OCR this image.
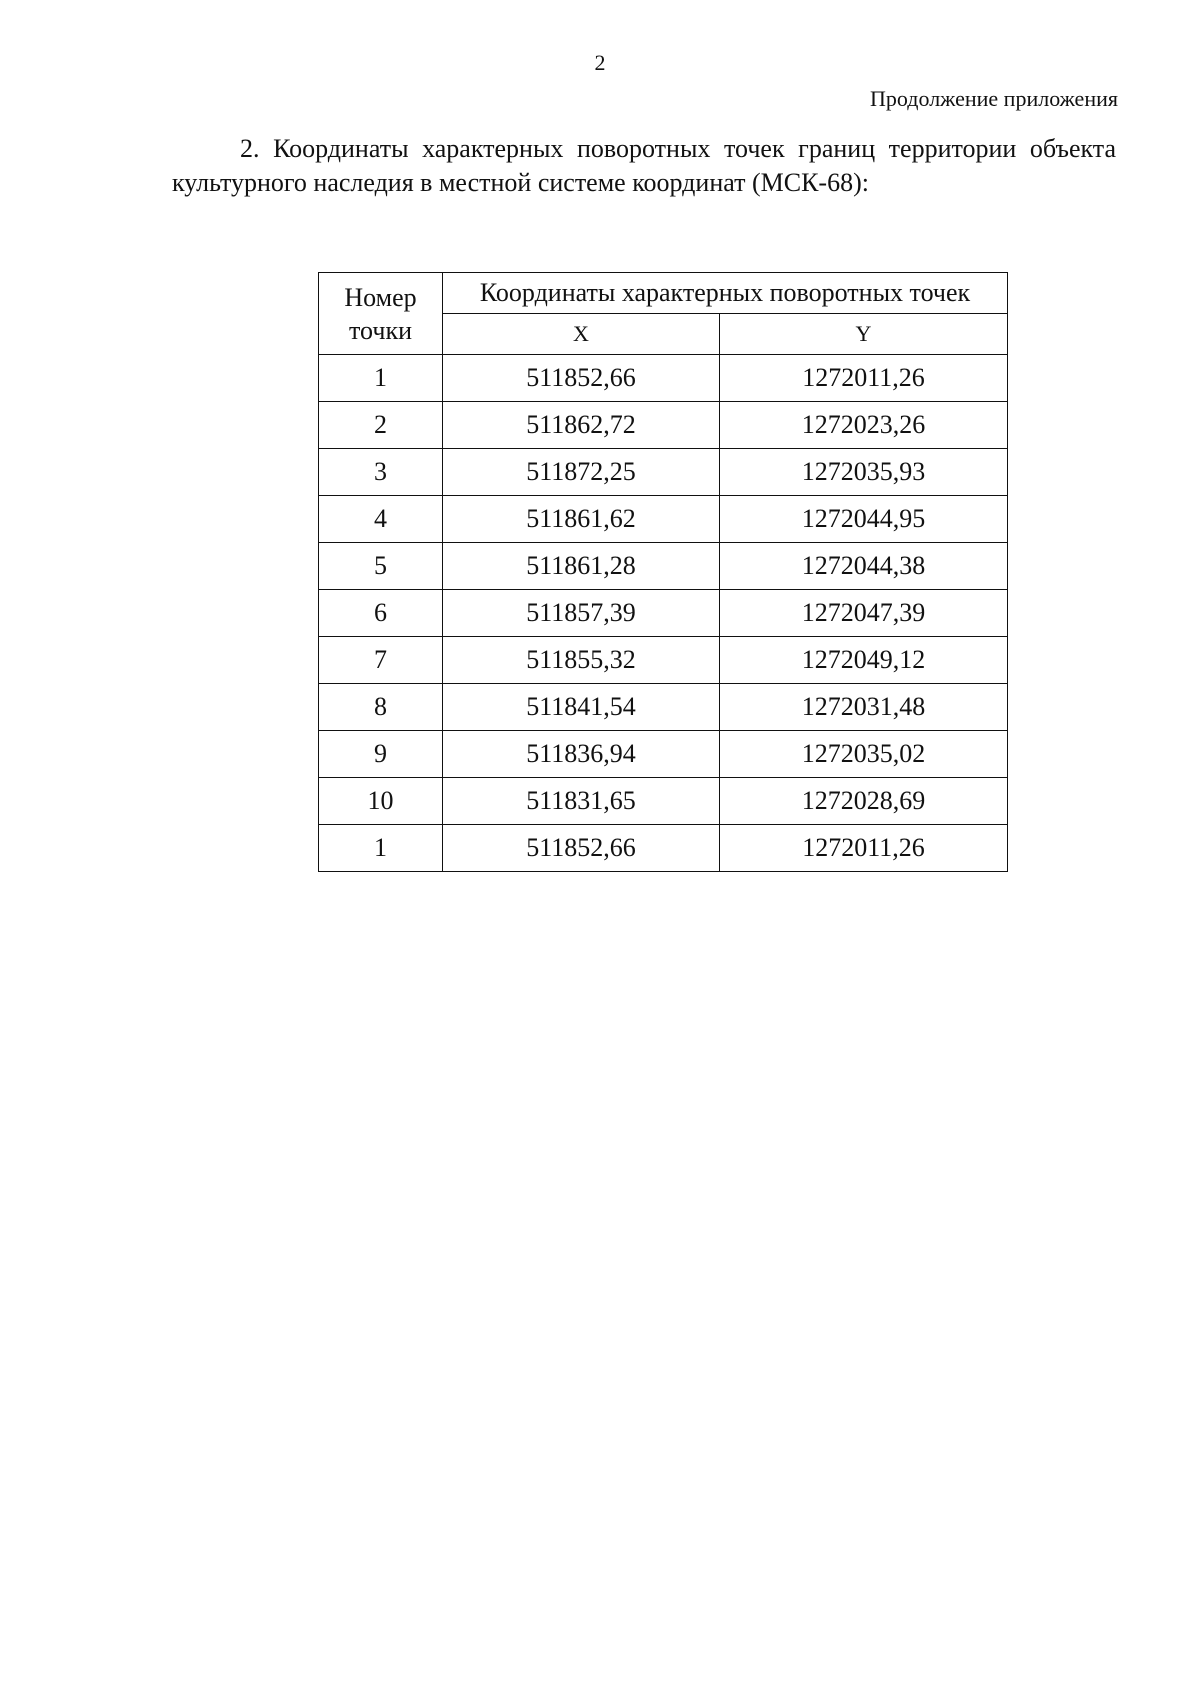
2
Продолжение приложения

2. Координаты характерных поворотных точек границ территории объекта культурного наследия в местной системе координат (МСК-68):

Номер точки	Координаты характерных поворотных точек	
	X	Y
1	511852,66	1272011,26
2	511862,72	1272023,26
3	511872,25	1272035,93
4	511861,62	1272044,95
5	511861,28	1272044,38
6	511857,39	1272047,39
7	511855,32	1272049,12
8	511841,54	1272031,48
9	511836,94	1272035,02
10	511831,65	1272028,69
1	511852,66	1272011,26
